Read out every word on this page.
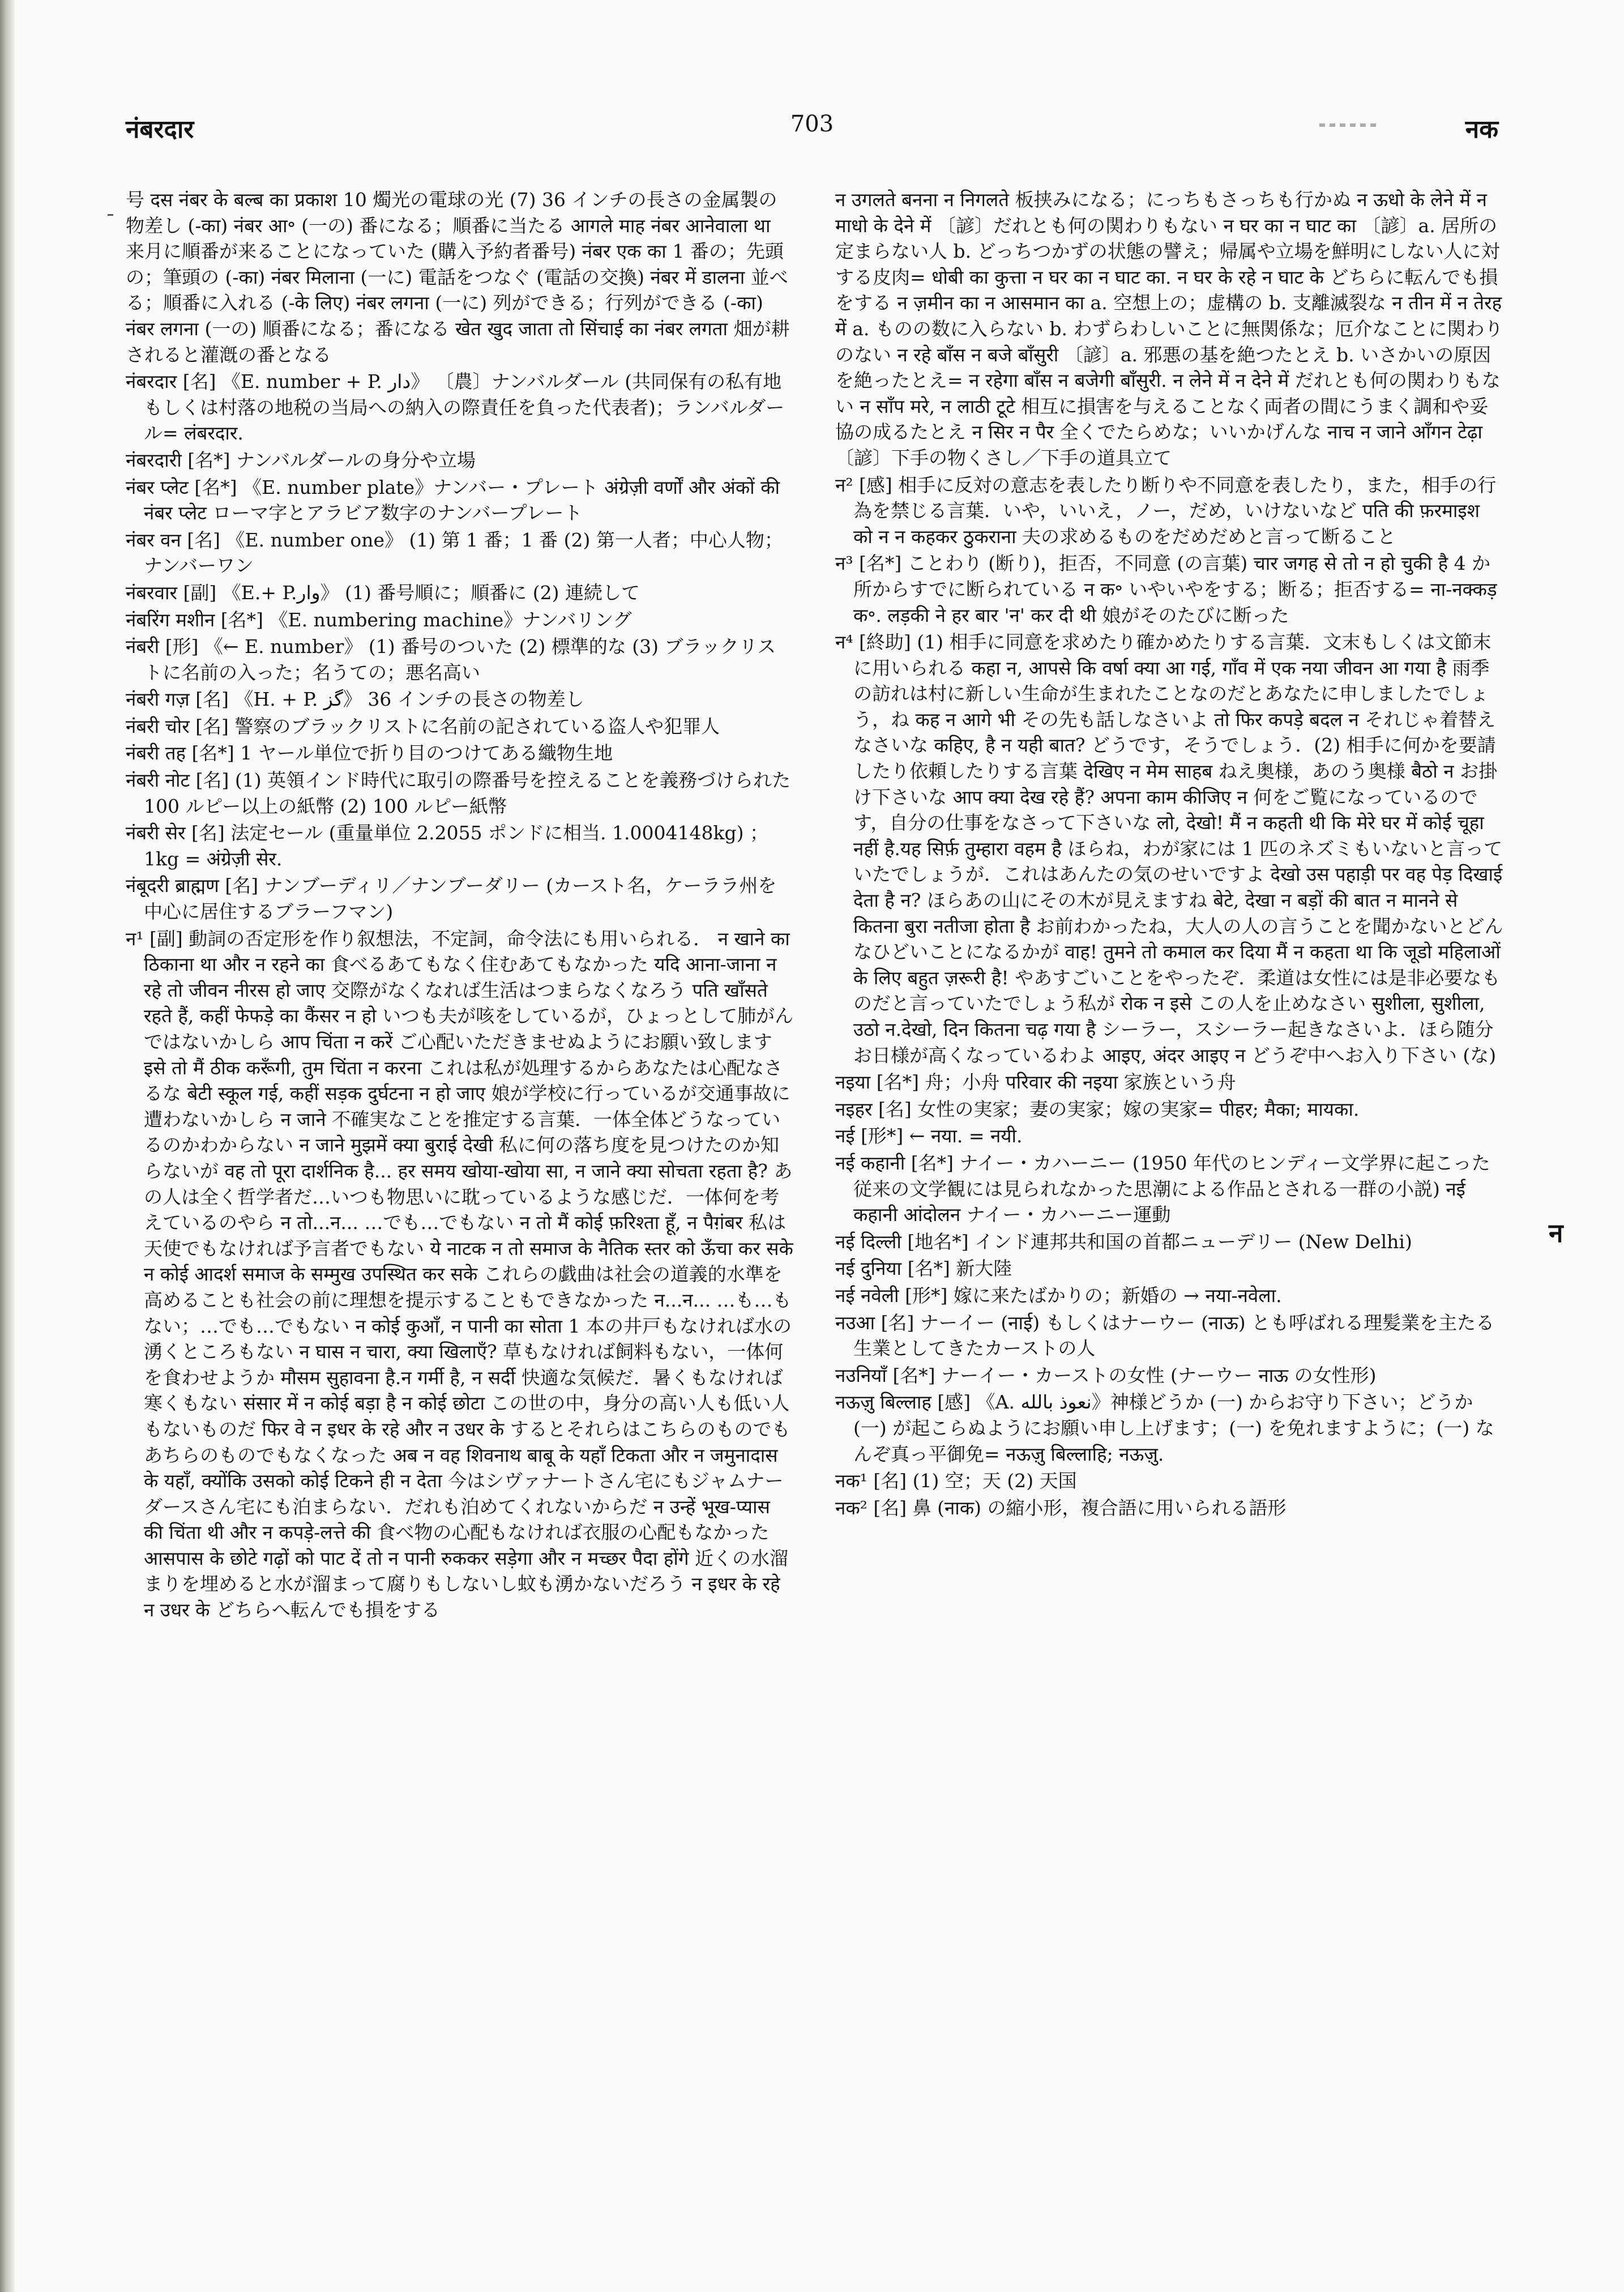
नंबरदार	703	नक

号 दस नंबर के बल्ब का प्रकाश 10 燭光の電球の光 (7) 36 インチの長さの金属製の物差し (-का) नंबर आ॰ (一の) 番になる；順番に当たる आगले माह नंबर आनेवाला था 来月に順番が来ることになっていた (購入予約者番号) नंबर एक का 1 番の；先頭の；筆頭の (-का) नंबर मिलाना (一に) 電話をつなぐ (電話の交換) नंबर में डालना 並べる；順番に入れる (-के लिए) नंबर लगना (一に) 列ができる；行列ができる (-का) नंबर लगना (一の) 順番になる；番になる खेत खुद जाता तो सिंचाई का नंबर लगता 畑が耕されると灌漑の番となる

नंबरदार [名] 《E. number + P. دار》 〔農〕ナンバルダール (共同保有の私有地もしくは村落の地税の当局への納入の際責任を負った代表者)；ランバルダール= लंबरदार.

नंबरदारी [名*] ナンバルダールの身分や立場

नंबर प्लेट [名*] 《E. number plate》ナンバー・プレート अंग्रेज़ी वर्णों और अंकों की नंबर प्लेट ローマ字とアラビア数字のナンバープレート

नंबर वन [名] 《E. number one》 (1) 第 1 番；1 番 (2) 第一人者；中心人物；ナンバーワン

नंबरवार [副] 《E.+ P.وار》 (1) 番号順に；順番に (2) 連続して

नंबरिंग मशीन [名*] 《E. numbering machine》ナンバリング

नंबरी [形] 《← E. number》 (1) 番号のついた (2) 標準的な (3) ブラックリストに名前の入った；名うての；悪名高い

नंबरी गज़ [名] 《H. + P. گز》 36 インチの長さの物差し

नंबरी चोर [名] 警察のブラックリストに名前の記されている盗人や犯罪人

नंबरी तह [名*] 1 ヤール単位で折り目のつけてある織物生地

नंबरी नोट [名] (1) 英領インド時代に取引の際番号を控えることを義務づけられた 100 ルピー以上の紙幣 (2) 100 ルピー紙幣

नंबरी सेर [名] 法定セール (重量単位 2.2055 ポンドに相当. 1.0004148kg) ；1kg = अंग्रेज़ी सेर.

नंबूदरी ब्राह्मण [名] ナンブーディリ／ナンブーダリー (カースト名，ケーララ州を中心に居住するブラーフマン)

न¹ [副] 動詞の否定形を作り叙想法，不定詞，命令法にも用いられる． न खाने का ठिकाना था और न रहने का 食べるあてもなく住むあてもなかった यदि आना-जाना न रहे तो जीवन नीरस हो जाए 交際がなくなれば生活はつまらなくなろう पति खाँसते रहते हैं, कहीं फेफड़े का कैंसर न हो いつも夫が咳をしているが，ひょっとして肺がんではないかしら आप चिंता न करें ご心配いただきませぬようにお願い致します इसे तो मैं ठीक करूँगी, तुम चिंता न करना これは私が処理するからあなたは心配なさるな बेटी स्कूल गई, कहीं सड़क दुर्घटना न हो जाए 娘が学校に行っているが交通事故に遭わないかしら न जाने 不確実なことを推定する言葉．一体全体どうなっているのかわからない न जाने मुझमें क्या बुराई देखी 私に何の落ち度を見つけたのか知らないが वह तो पूरा दार्शनिक है... हर समय खोया-खोया सा, न जाने क्या सोचता रहता है? あの人は全く哲学者だ…いつも物思いに耽っているような感じだ．一体何を考えているのやら न तो...न... …でも…でもない न तो मैं कोई फ़रिश्ता हूँ, न पैग़ंबर 私は天使でもなければ予言者でもない ये नाटक न तो समाज के नैतिक स्तर को ऊँचा कर सके न कोई आदर्श समाज के सम्मुख उपस्थित कर सके これらの戯曲は社会の道義的水準を高めることも社会の前に理想を提示することもできなかった न...न... …も…もない；…でも…でもない न कोई कुआँ, न पानी का सोता 1 本の井戸もなければ水の湧くところもない न घास न चारा, क्या खिलाएँ? 草もなければ飼料もない，一体何を食わせようか मौसम सुहावना है.न गर्मी है, न सर्दी 快適な気候だ．暑くもなければ寒くもない संसार में न कोई बड़ा है न कोई छोटा この世の中，身分の高い人も低い人もないものだ फिर वे न इधर के रहे और न उधर के するとそれらはこちらのものでもあちらのものでもなくなった अब न वह शिवनाथ बाबू के यहाँ टिकता और न जमुनादास के यहाँ, क्योंकि उसको कोई टिकने ही न देता 今はシヴァナートさん宅にもジャムナーダースさん宅にも泊まらない．だれも泊めてくれないからだ न उन्हें भूख-प्यास की चिंता थी और न कपड़े-लत्ते की 食べ物の心配もなければ衣服の心配もなかった आसपास के छोटे गढ़ों को पाट दें तो न पानी रुककर सड़ेगा और न मच्छर पैदा होंगे 近くの水溜まりを埋めると水が溜まって腐りもしないし蚊も湧かないだろう न इधर के रहे न उधर के どちらへ転んでも損をする

न उगलते बनना न निगलते 板挟みになる；にっちもさっちも行かぬ न ऊधो के लेने में न माधो के देने में 〔諺〕だれとも何の関わりもない न घर का न घाट का 〔諺〕a. 居所の定まらない人 b. どっちつかずの状態の譬え；帰属や立場を鮮明にしない人に対する皮肉= धोबी का कुत्ता न घर का न घाट का. न घर के रहे न घाट के どちらに転んでも損をする न ज़मीन का न आसमान का a. 空想上の；虚構の b. 支離滅裂な न तीन में न तेरह में a. ものの数に入らない b. わずらわしいことに無関係な；厄介なことに関わりのない न रहे बाँस न बजे बाँसुरी 〔諺〕a. 邪悪の基を絶つたとえ b. いさかいの原因を絶ったとえ= न रहेगा बाँस न बजेगी बाँसुरी. न लेने में न देने में だれとも何の関わりもない न साँप मरे, न लाठी टूटे 相互に損害を与えることなく両者の間にうまく調和や妥協の成るたとえ न सिर न पैर 全くでたらめな；いいかげんな नाच न जाने आँगन टेढ़ा 〔諺〕下手の物くさし／下手の道具立て

न² [感] 相手に反対の意志を表したり断りや不同意を表したり，また，相手の行為を禁じる言葉．いや，いいえ，ノー，だめ，いけないなど पति की फ़रमाइश को न न कहकर ठुकराना 夫の求めるものをだめだめと言って断ること

न³ [名*] ことわり (断り)，拒否，不同意 (の言葉) चार जगह से तो न हो चुकी है 4 か所からすでに断られている न क॰ いやいやをする；断る；拒否する= ना-नक्कड़ क॰. लड़की ने हर बार 'न' कर दी थी 娘がそのたびに断った

न⁴ [終助] (1) 相手に同意を求めたり確かめたりする言葉．文末もしくは文節末に用いられる कहा न, आपसे कि वर्षा क्या आ गई, गाँव में एक नया जीवन आ गया है 雨季の訪れは村に新しい生命が生まれたことなのだとあなたに申しましたでしょう，ね कह न आगे भी その先も話しなさいよ तो फिर कपड़े बदल न それじゃ着替えなさいな कहिए, है न यही बात? どうです，そうでしょう．(2) 相手に何かを要請したり依頼したりする言葉 देखिए न मेम साहब ねえ奥様，あのう奥様 बैठो न お掛け下さいな आप क्या देख रहे हैं? अपना काम कीजिए न 何をご覧になっているのです，自分の仕事をなさって下さいな लो, देखो! मैं न कहती थी कि मेरे घर में कोई चूहा नहीं है.यह सिर्फ़ तुम्हारा वहम है ほらね，わが家には 1 匹のネズミもいないと言っていたでしょうが．これはあんたの気のせいですよ देखो उस पहाड़ी पर वह पेड़ दिखाई देता है न? ほらあの山にその木が見えますね बेटे, देखा न बड़ों की बात न मानने से कितना बुरा नतीजा होता है お前わかったね，大人の人の言うことを聞かないとどんなひどいことになるかが वाह! तुमने तो कमाल कर दिया मैं न कहता था कि जूडो महिलाओं के लिए बहुत ज़रूरी है! やあすごいことをやったぞ．柔道は女性には是非必要なものだと言っていたでしょう私が रोक न इसे この人を止めなさい सुशीला, सुशीला, उठो न.देखो, दिन कितना चढ़ गया है シーラー，スシーラー起きなさいよ．ほら随分お日様が高くなっているわよ आइए, अंदर आइए न どうぞ中へお入り下さい (な)

नइया [名*] 舟；小舟 परिवार की नइया 家族という舟

नइहर [名] 女性の実家；妻の実家；嫁の実家= पीहर; मैका; मायका.

नई [形*] ← नया. = नयी.

नई कहानी [名*] ナイー・カハーニー (1950 年代のヒンディー文学界に起こった従来の文学観には見られなかった思潮による作品とされる一群の小説) नई कहानी आंदोलन ナイー・カハーニー運動

नई दिल्ली [地名*] インド連邦共和国の首都ニューデリー (New Delhi)

नई दुनिया [名*] 新大陸

नई नवेली [形*] 嫁に来たばかりの；新婚の → नया-नवेला.

नउआ [名] ナーイー (नाई) もしくはナーウー (नाऊ) とも呼ばれる理髪業を主たる生業としてきたカーストの人

नउनियाँ [名*] ナーイー・カーストの女性 (ナーウー नाऊ の女性形)

नऊज़ु बिल्लाह [感] 《A. نعوذ بالله》神様どうか (一) からお守り下さい；どうか (一) が起こらぬようにお願い申し上げます；(一) を免れますように；(一) なんぞ真っ平御免= नऊज़ु बिल्लाहि; नऊज़ु.

नक¹ [名] (1) 空；天 (2) 天国

नक² [名] 鼻 (नाक) の縮小形，複合語に用いられる語形

न
